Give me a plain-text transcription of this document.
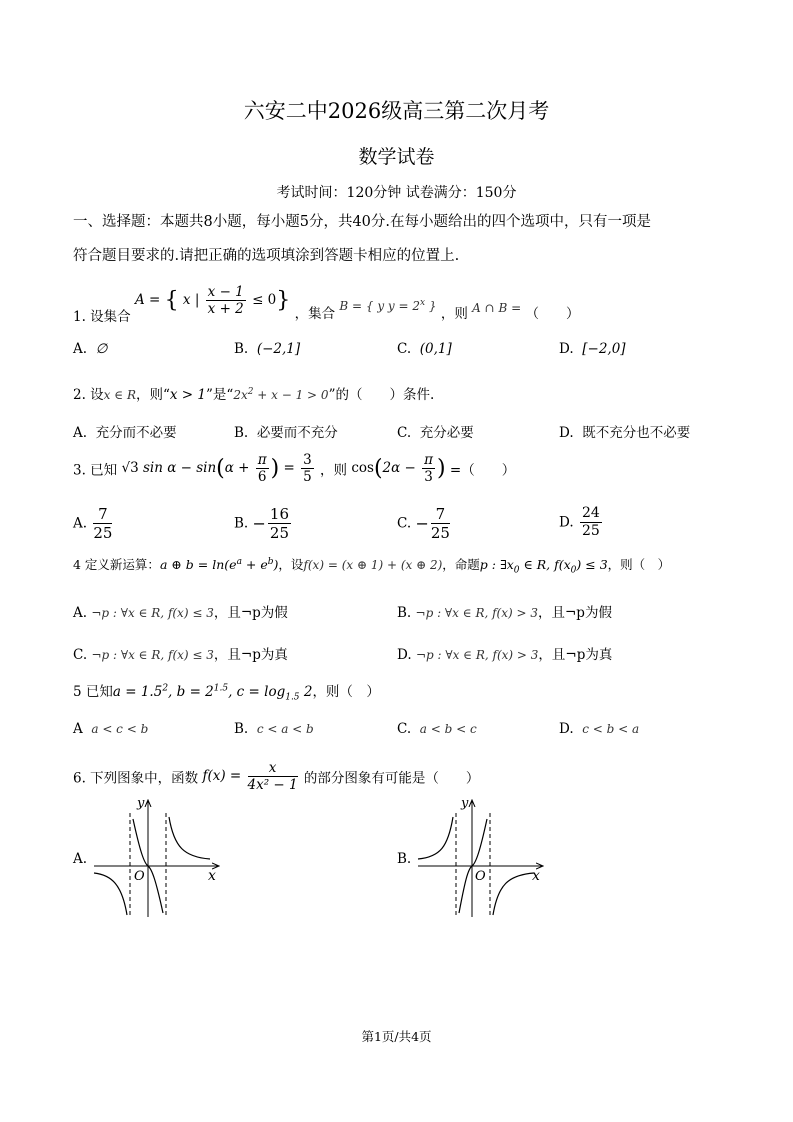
六安二中2026级高三第二次月考
数学试卷
考试时间：120分钟 试卷满分：150分
一、选择题：本题共8小题，每小题5分，共40分.在每小题给出的四个选项中，只有一项是
符合题目要求的.请把正确的选项填涂到答题卡相应的位置上.
1. 设集合 A = { x | $\frac{x - 1}{x + 2} \le 0$} ，集合 B = { y $y = 2^x$ } ，则 A ∩ B = （　　）
A. ∅	B. (−2,1]	C. (0,1]	D. [−2,0]
2. 设x ∈ R，则“x > 1”是“$2x^2 + x - 1 > 0$”的（　　）条件.
A. 充分而不必要	B. 必要而不充分	C. 充分必要	D. 既不充分也不必要
3. 已知 √3 $\sin \alpha - \sin(\alpha + \frac{\pi}{6}$ ) = $\frac{3}{5}$ ，则 $\cos(2\alpha - \frac{\pi}{3}$ ) =（　　）
A. $\frac{7}{25}$	B. − $\frac{16}{25}$	C. − $\frac{7}{25}$	D. $\frac{24}{25}$
4 定义新运算：a ⊕ $b = \ln(e^a + e^b)$，设f(x) = (x ⊕ 1) + (x ⊕ 2)，命题p : $\exists x_0$ ∈ R, $f(x_0) \le 3$，则（　）
A. ¬p : ∀x ∈ R, f(x) ≤ 3，且¬p为假	B. ¬p : ∀x ∈ R, f(x) > 3，且¬p为假
C. ¬p : ∀x ∈ R, f(x) ≤ 3，且¬p为真	D. ¬p : ∀x ∈ R, f(x) > 3，且¬p为真
5 已知$a = 1.5^2$, $b = 2^{1.5}$, $c = \log_{1.5} 2$，则（　）
A a < c < b	B. c < a < b	C. a < b < c	D. c < b < a
6. 下列图象中，函数 $f(x) = \frac{x}{\text{4x² − 1}}$ 的部分图象有可能是（　　）
A.
y
x
O
B.
y
x
O
第1页/共4页
